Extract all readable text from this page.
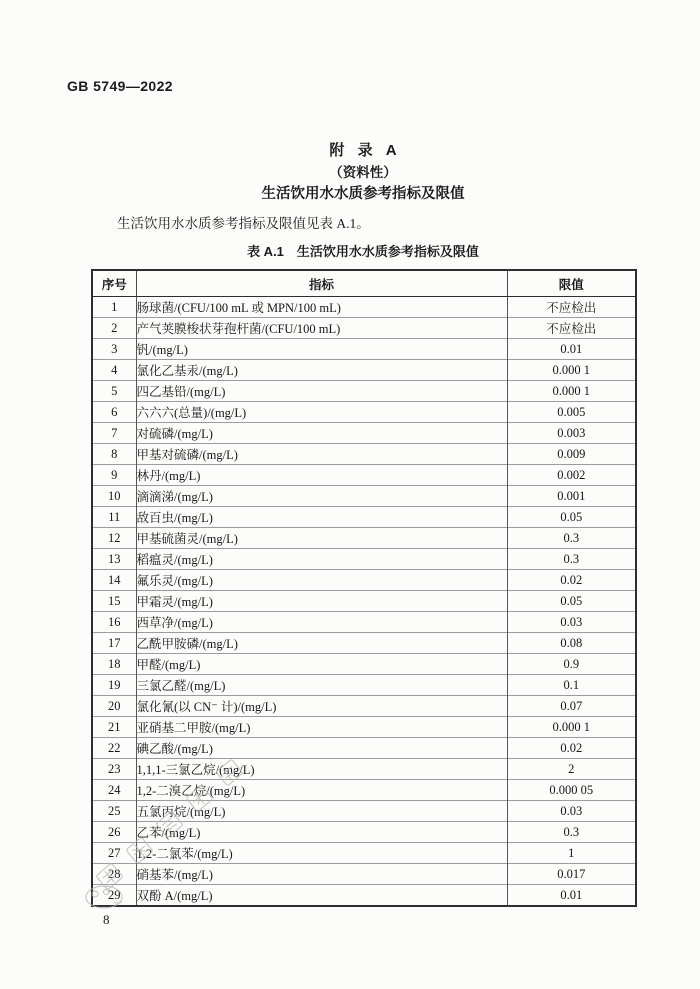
GB 5749—2022
附 录 A
（资料性）
生活饮用水水质参考指标及限值
生活饮用水水质参考指标及限值见表 A.1。
表 A.1 生活饮用水水质参考指标及限值
序号	指标	限值
1	肠球菌/(CFU/100 mL 或 MPN/100 mL)	不应检出
2	产气荚膜梭状芽孢杆菌/(CFU/100 mL)	不应检出
3	钒/(mg/L)	0.01
4	氯化乙基汞/(mg/L)	0.000 1
5	四乙基铅/(mg/L)	0.000 1
6	六六六(总量)/(mg/L)	0.005
7	对硫磷/(mg/L)	0.003
8	甲基对硫磷/(mg/L)	0.009
9	林丹/(mg/L)	0.002
10	滴滴涕/(mg/L)	0.001
11	敌百虫/(mg/L)	0.05
12	甲基硫菌灵/(mg/L)	0.3
13	稻瘟灵/(mg/L)	0.3
14	氟乐灵/(mg/L)	0.02
15	甲霜灵/(mg/L)	0.05
16	西草净/(mg/L)	0.03
17	乙酰甲胺磷/(mg/L)	0.08
18	甲醛/(mg/L)	0.9
19	三氯乙醛/(mg/L)	0.1
20	氯化氰(以 CN⁻ 计)/(mg/L)	0.07
21	亚硝基二甲胺/(mg/L)	0.000 1
22	碘乙酸/(mg/L)	0.02
23	1,1,1-三氯乙烷/(mg/L)	2
24	1,2-二溴乙烷/(mg/L)	0.000 05
25	五氯丙烷/(mg/L)	0.03
26	乙苯/(mg/L)	0.3
27	1,2-二氯苯/(mg/L)	1
28	硝基苯/(mg/L)	0.017
29	双酚 A/(mg/L)	0.01
8
